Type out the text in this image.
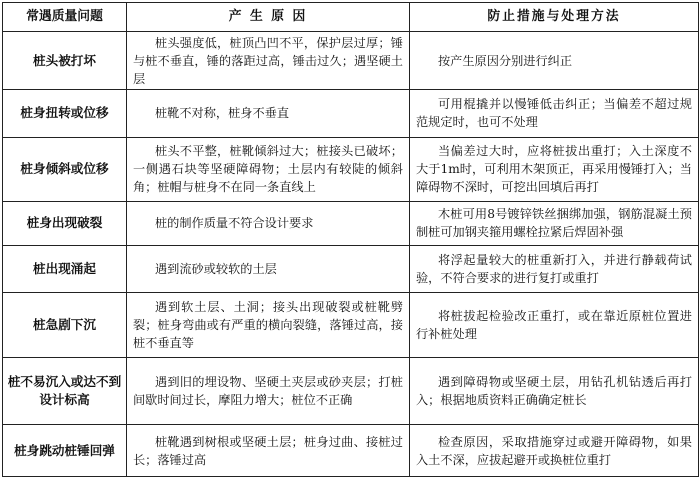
常遇质量问题	产 生 原 因	防止措施与处理方法
桩头被打坏	桩头强度低，桩顶凸凹不平，保护层过厚；锤与桩不垂直，锤的落距过高，锤击过久；遇坚硬土层	按产生原因分别进行纠正
桩身扭转或位移	桩靴不对称，桩身不垂直	可用棍撬并以慢锤低击纠正；当偏差不超过规范规定时，也可不处理
桩身倾斜或位移	桩头不平整，桩靴倾斜过大；桩接头已破坏；一侧遇石块等坚硬障碍物；土层内有较陡的倾斜角；桩帽与桩身不在同一条直线上	当偏差过大时，应将桩拔出重打；入土深度不大于1m时，可利用木架顶正，再采用慢锤打入；当障碍物不深时，可挖出回填后再打
桩身出现破裂	桩的制作质量不符合设计要求	木桩可用8号镀锌铁丝捆绑加强，钢筋混凝土预制桩可加钢夹箍用螺栓拉紧后焊固补强
桩出现涌起	遇到流砂或较软的土层	将浮起量较大的桩重新打入，并进行静载荷试验，不符合要求的进行复打或重打
桩急剧下沉	遇到软土层、土洞；接头出现破裂或桩靴劈裂；桩身弯曲或有严重的横向裂缝，落锤过高，接桩不垂直等	将桩拔起检验改正重打，或在靠近原桩位置进行补桩处理
桩不易沉入或达不到设计标高	遇到旧的埋设物、坚硬土夹层或砂夹层；打桩间歇时间过长，摩阻力增大；桩位不正确	遇到障碍物或坚硬土层，用钻孔机钻透后再打入；根据地质资料正确确定桩长
桩身跳动桩锤回弹	桩靴遇到树根或坚硬土层；桩身过曲、接桩过长；落锤过高	检查原因，采取措施穿过或避开障碍物，如果入土不深，应拔起避开或换桩位重打
